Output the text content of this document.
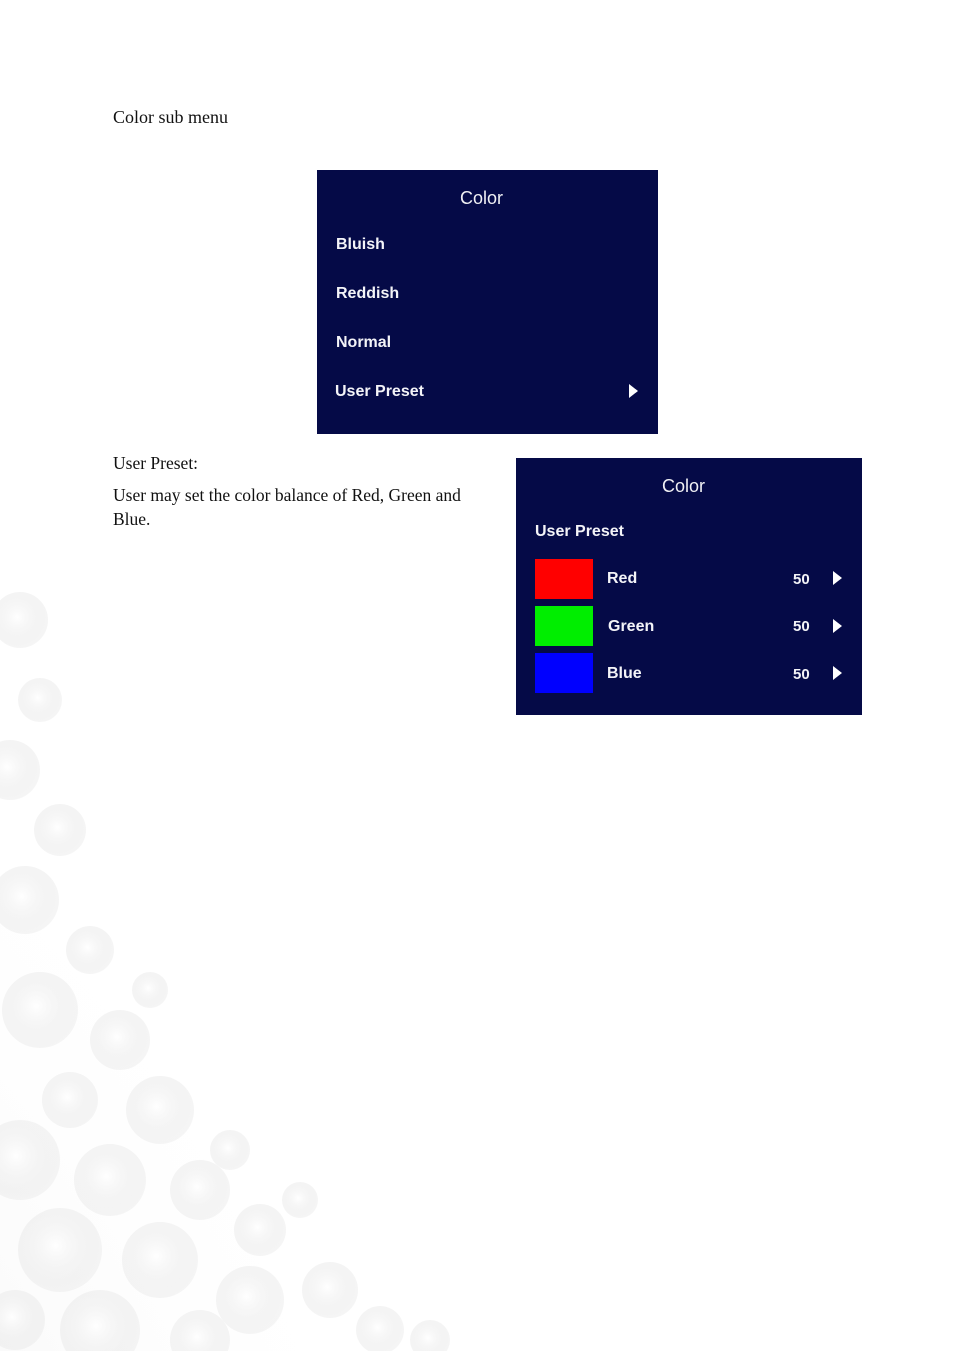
Color sub menu
Color
Bluish
Reddish
Normal
User Preset
User Preset:
User may set the color balance of Red, Green and Blue.
Color
User Preset
Red	50
Green	50
Blue	50
